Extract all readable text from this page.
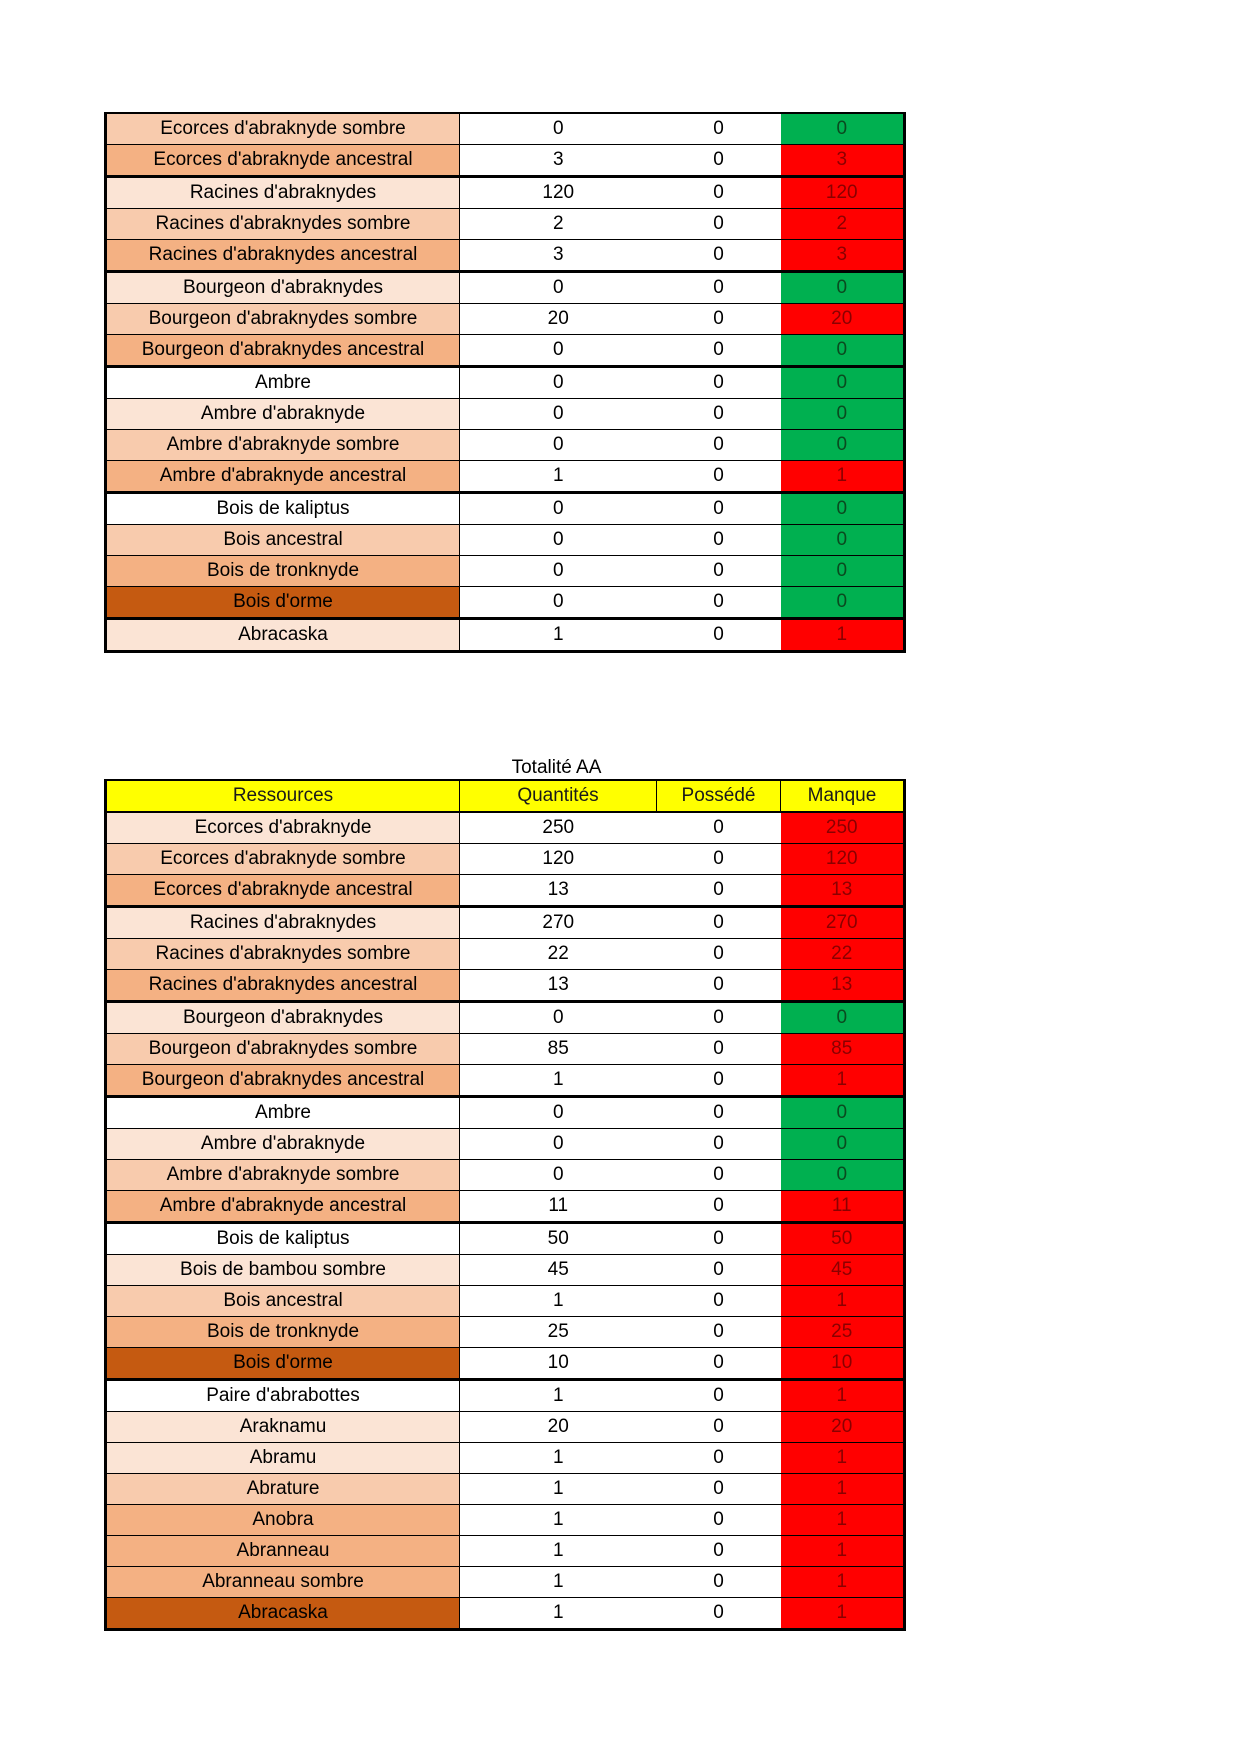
Ecorces d'abraknyde sombre	0	0	0
Ecorces d'abraknyde ancestral	3	0	3
Racines d'abraknydes	120	0	120
Racines d'abraknydes sombre	2	0	2
Racines d'abraknydes ancestral	3	0	3
Bourgeon d'abraknydes	0	0	0
Bourgeon d'abraknydes sombre	20	0	20
Bourgeon d'abraknydes ancestral	0	0	0
Ambre	0	0	0
Ambre d'abraknyde	0	0	0
Ambre d'abraknyde sombre	0	0	0
Ambre d'abraknyde ancestral	1	0	1
Bois de kaliptus	0	0	0
Bois ancestral	0	0	0
Bois de tronknyde	0	0	0
Bois d'orme	0	0	0
Abracaska	1	0	1
Totalité AA
Ressources	Quantités	Possédé	Manque
Ecorces d'abraknyde	250	0	250
Ecorces d'abraknyde sombre	120	0	120
Ecorces d'abraknyde ancestral	13	0	13
Racines d'abraknydes	270	0	270
Racines d'abraknydes sombre	22	0	22
Racines d'abraknydes ancestral	13	0	13
Bourgeon d'abraknydes	0	0	0
Bourgeon d'abraknydes sombre	85	0	85
Bourgeon d'abraknydes ancestral	1	0	1
Ambre	0	0	0
Ambre d'abraknyde	0	0	0
Ambre d'abraknyde sombre	0	0	0
Ambre d'abraknyde ancestral	11	0	11
Bois de kaliptus	50	0	50
Bois de bambou sombre	45	0	45
Bois ancestral	1	0	1
Bois de tronknyde	25	0	25
Bois d'orme	10	0	10
Paire d'abrabottes	1	0	1
Araknamu	20	0	20
Abramu	1	0	1
Abrature	1	0	1
Anobra	1	0	1
Abranneau	1	0	1
Abranneau sombre	1	0	1
Abracaska	1	0	1
